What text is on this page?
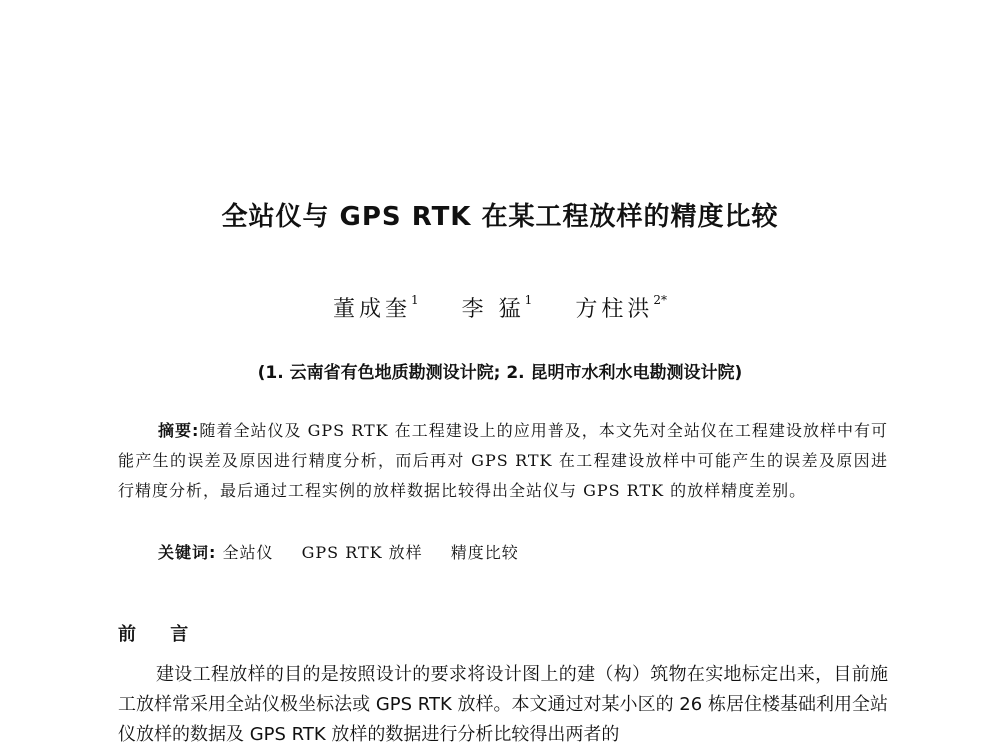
全站仪与 GPS RTK 在某工程放样的精度比较
董成奎$^1$ 李 猛$^1$ 方柱洪$^{2*}$
(1. 云南省有色地质勘测设计院; 2. 昆明市水利水电勘测设计院)
摘要:随着全站仪及 GPS RTK 在工程建设上的应用普及，本文先对全站仪在工程建设放样中有可能产生的误差及原因进行精度分析，而后再对 GPS RTK 在工程建设放样中可能产生的误差及原因进行精度分析，最后通过工程实例的放样数据比较得出全站仪与 GPS RTK 的放样精度差别。
关键词: 全站仪 GPS RTK 放样 精度比较
前 言
建设工程放样的目的是按照设计的要求将设计图上的建（构）筑物在实地标定出来，目前施工放样常采用全站仪极坐标法或 GPS RTK 放样。本文通过对某小区的 26 栋居住楼基础利用全站仪放样的数据及 GPS RTK 放样的数据进行分析比较得出两者的
